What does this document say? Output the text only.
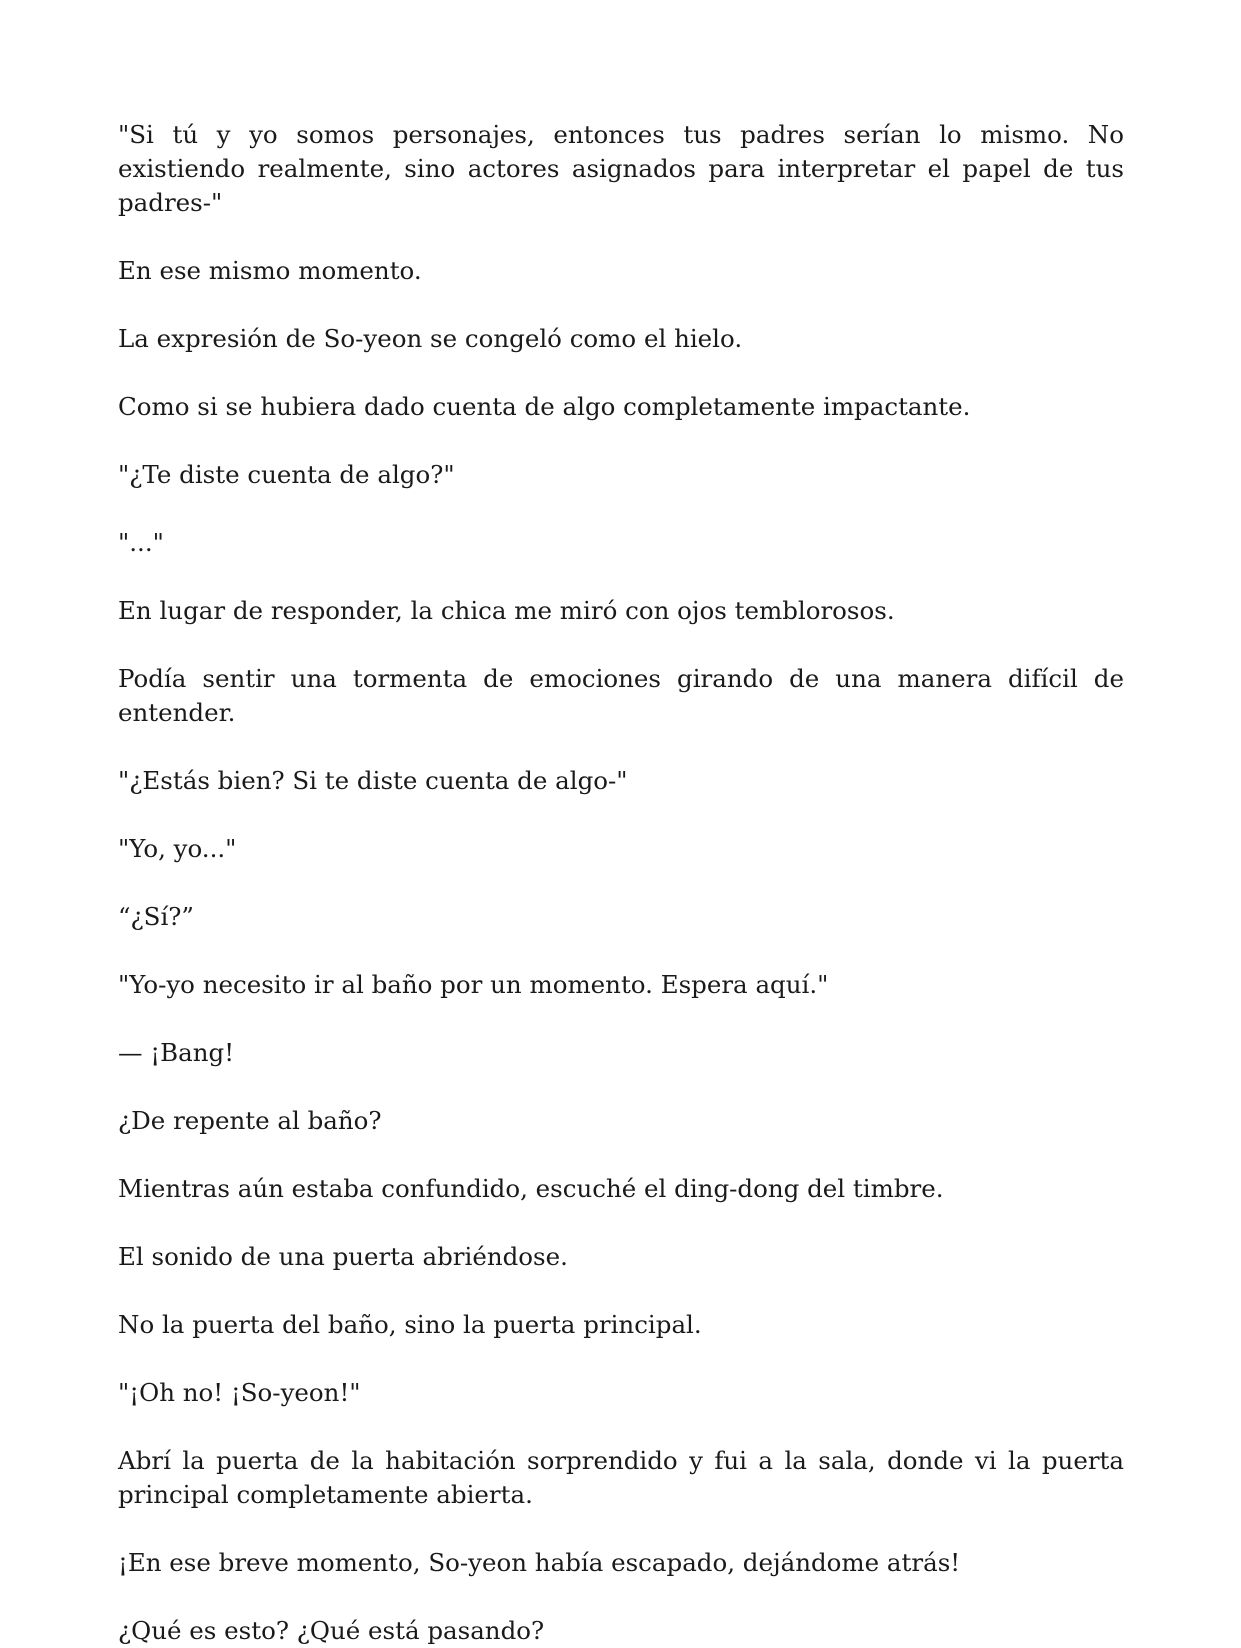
"Si tú y yo somos personajes, entonces tus padres serían lo mismo. No existiendo realmente, sino actores asignados para interpretar el papel de tus padres-"

En ese mismo momento.

La expresión de So-yeon se congeló como el hielo.

Como si se hubiera dado cuenta de algo completamente impactante.

"¿Te diste cuenta de algo?"

"..."

En lugar de responder, la chica me miró con ojos temblorosos.

Podía sentir una tormenta de emociones girando de una manera difícil de entender.

"¿Estás bien? Si te diste cuenta de algo-"

"Yo, yo..."

“¿Sí?”

"Yo-yo necesito ir al baño por un momento. Espera aquí."

— ¡Bang!

¿De repente al baño?

Mientras aún estaba confundido, escuché el ding-dong del timbre.

El sonido de una puerta abriéndose.

No la puerta del baño, sino la puerta principal.

"¡Oh no! ¡So-yeon!"

Abrí la puerta de la habitación sorprendido y fui a la sala, donde vi la puerta principal completamente abierta.

¡En ese breve momento, So-yeon había escapado, dejándome atrás!

¿Qué es esto? ¿Qué está pasando?
